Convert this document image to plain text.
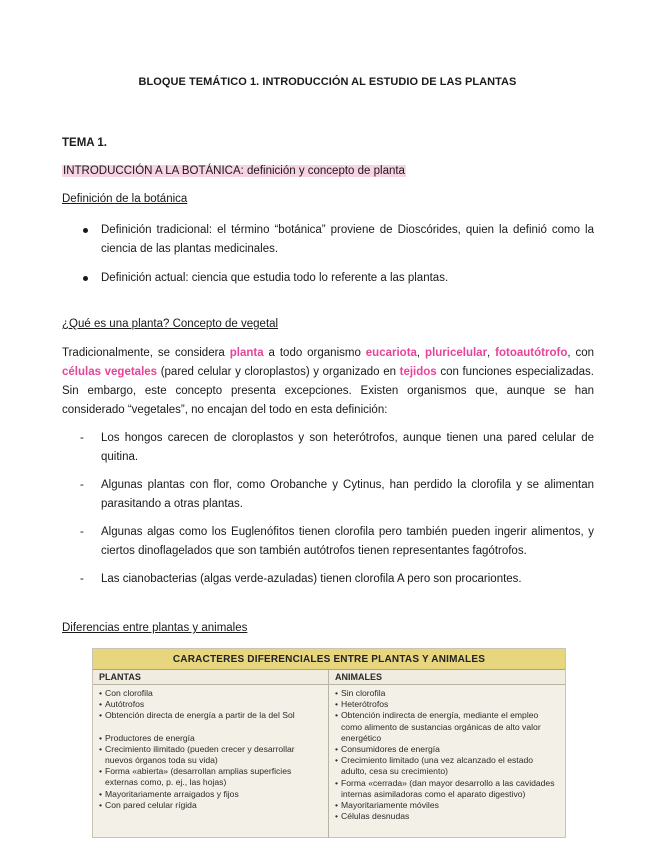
BLOQUE TEMÁTICO 1. INTRODUCCIÓN AL ESTUDIO DE LAS PLANTAS
TEMA 1.
INTRODUCCIÓN A LA BOTÁNICA: definición y concepto de planta
Definición de la botánica
Definición tradicional: el término “botánica” proviene de Dioscórides, quien la definió como la ciencia de las plantas medicinales.
Definición actual: ciencia que estudia todo lo referente a las plantas.
¿Qué es una planta? Concepto de vegetal

Tradicionalmente, se considera planta a todo organismo eucariota, pluricelular, fotoautótrofo, con células vegetales (pared celular y cloroplastos) y organizado en tejidos con funciones especializadas. Sin embargo, este concepto presenta excepciones. Existen organismos que, aunque se han considerado “vegetales”, no encajan del todo en esta definición:

- Los hongos carecen de cloroplastos y son heterótrofos, aunque tienen una pared celular de quitina.
- Algunas plantas con flor, como Orobanche y Cytinus, han perdido la clorofila y se alimentan parasitando a otras plantas.
- Algunas algas como los Euglenófitos tienen clorofila pero también pueden ingerir alimentos, y ciertos dinoflagelados que son también autótrofos tienen representantes fagótrofos.
- Las cianobacterias (algas verde-azuladas) tienen clorofila A pero son procariontes.
Diferencias entre plantas y animales
CARACTERES DIFERENCIALES ENTRE PLANTAS Y ANIMALES
PLANTAS
• Con clorofila
• Autótrofos
• Obtención directa de energía a partir de la del Sol
• Productores de energía
• Crecimiento ilimitado (pueden crecer y desarrollar nuevos órganos toda su vida)
• Forma «abierta» (desarrollan amplias superficies externas como, p. ej., las hojas)
• Mayoritariamente arraigados y fijos
• Con pared celular rígida
ANIMALES
• Sin clorofila
• Heterótrofos
• Obtención indirecta de energía, mediante el empleo como alimento de sustancias orgánicas de alto valor energético
• Consumidores de energía
• Crecimiento limitado (una vez alcanzado el estado adulto, cesa su crecimiento)
• Forma «cerrada» (dan mayor desarrollo a las cavidades internas asimiladoras como el aparato digestivo)
• Mayoritariamente móviles
• Células desnudas
